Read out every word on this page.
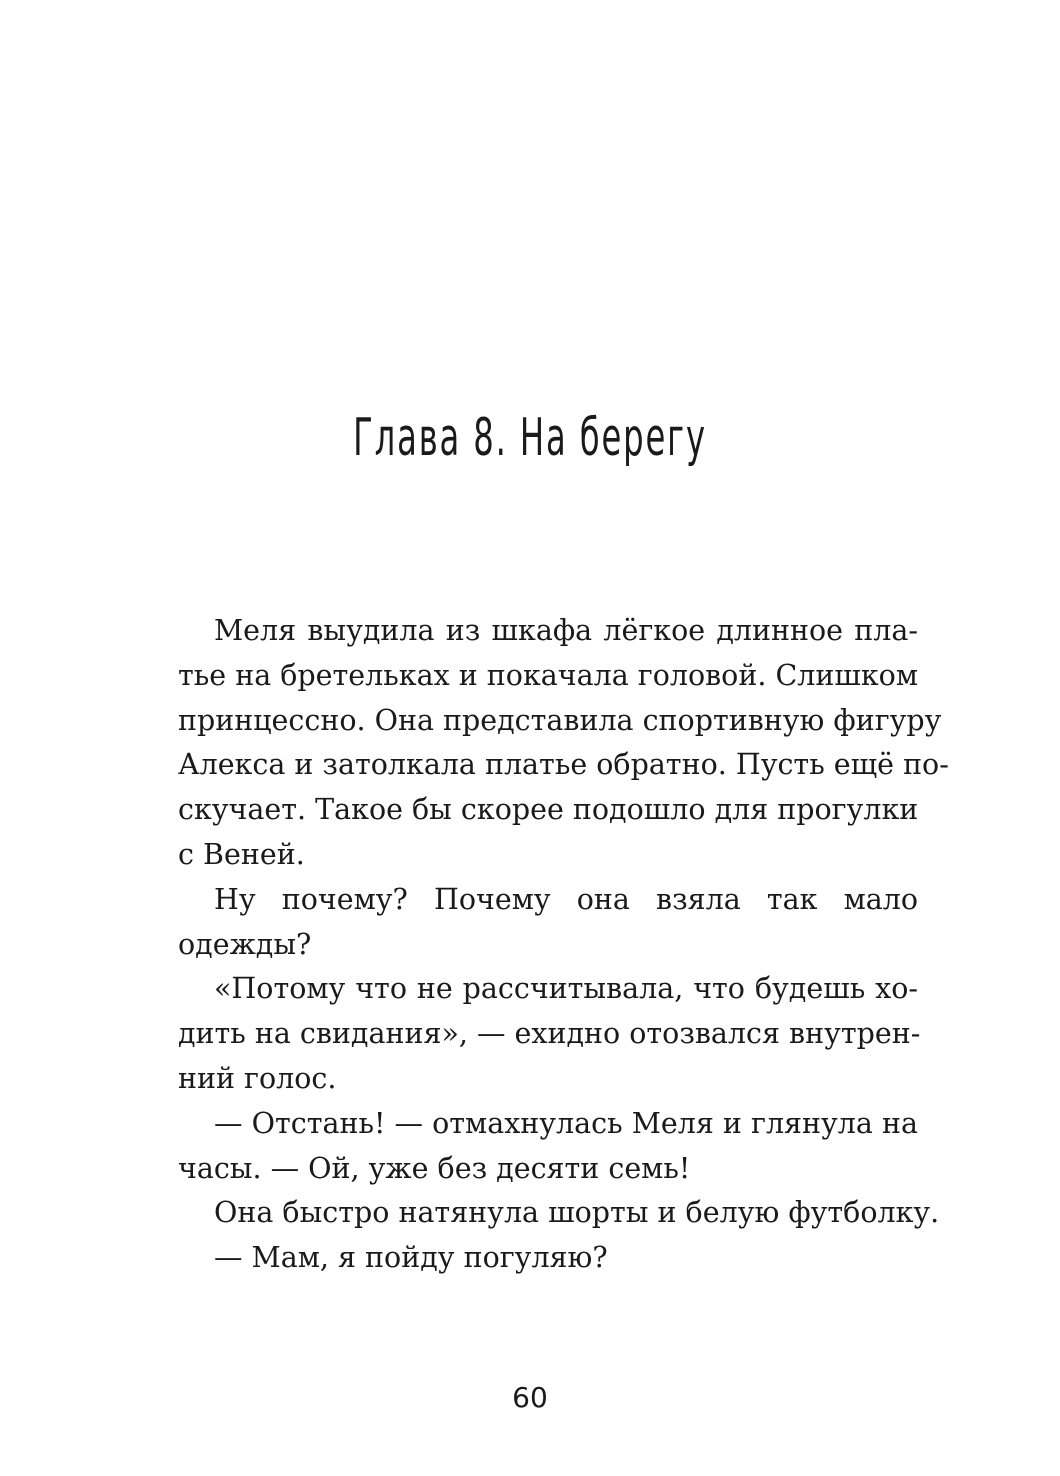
Глава 8. На берегу

Меля выудила из шкафа лёгкое длинное пла-
тье на бретельках и покачала головой. Слишком
принцессно. Она представила спортивную фигуру
Алекса и затолкала платье обратно. Пусть ещё по-
скучает. Такое бы скорее подошло для прогулки
с Веней.

Ну почему? Почему она взяла так мало
одежды?

«Потому что не рассчитывала, что будешь хо-
дить на свидания», — ехидно отозвался внутрен-
ний голос.

— Отстань! — отмахнулась Меля и глянула на
часы. — Ой, уже без десяти семь!

Она быстро натянула шорты и белую футболку.

— Мам, я пойду погуляю?

60
